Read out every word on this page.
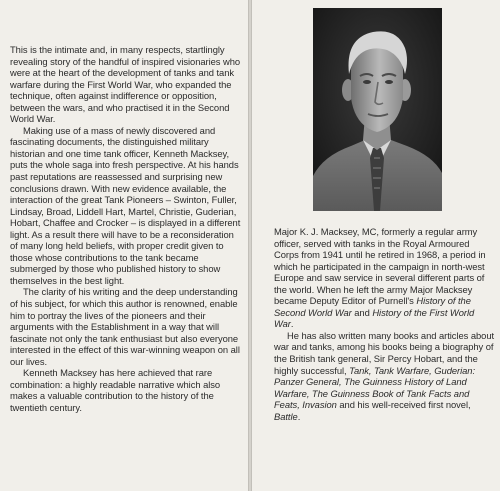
This is the intimate and, in many respects, startlingly revealing story of the handful of inspired visionaries who were at the heart of the development of tanks and tank warfare during the First World War, who expanded the technique, often against indifference or opposition, between the wars, and who practised it in the Second World War.

Making use of a mass of newly discovered and fascinating documents, the distinguished military historian and one time tank officer, Kenneth Macksey, puts the whole saga into fresh perspective. At his hands past reputations are reassessed and surprising new conclusions drawn. With new evidence available, the interaction of the great Tank Pioneers – Swinton, Fuller, Lindsay, Broad, Liddell Hart, Martel, Christie, Guderian, Hobart, Chaffee and Crocker – is displayed in a different light. As a result there will have to be a reconsideration of many long held beliefs, with proper credit given to those whose contributions to the tank became submerged by those who published history to show themselves in the best light.

The clarity of his writing and the deep understanding of his subject, for which this author is renowned, enable him to portray the lives of the pioneers and their arguments with the Establishment in a way that will fascinate not only the tank enthusiast but also everyone interested in the effect of this war-winning weapon on all our lives.

Kenneth Macksey has here achieved that rare combination: a highly readable narrative which also makes a valuable contribution to the history of the twentieth century.

Major K. J. Macksey, MC, formerly a regular army officer, served with tanks in the Royal Armoured Corps from 1941 until he retired in 1968, a period in which he participated in the campaign in north-west Europe and saw service in several different parts of the world. When he left the army Major Macksey became Deputy Editor of Purnell's History of the Second World War and History of the First World War.

He has also written many books and articles about war and tanks, among his books being a biography of the British tank general, Sir Percy Hobart, and the highly successful, Tank, Tank Warfare, Guderian: Panzer General, The Guinness History of Land Warfare, The Guinness Book of Tank Facts and Feats, Invasion and his well-received first novel, Battle.
